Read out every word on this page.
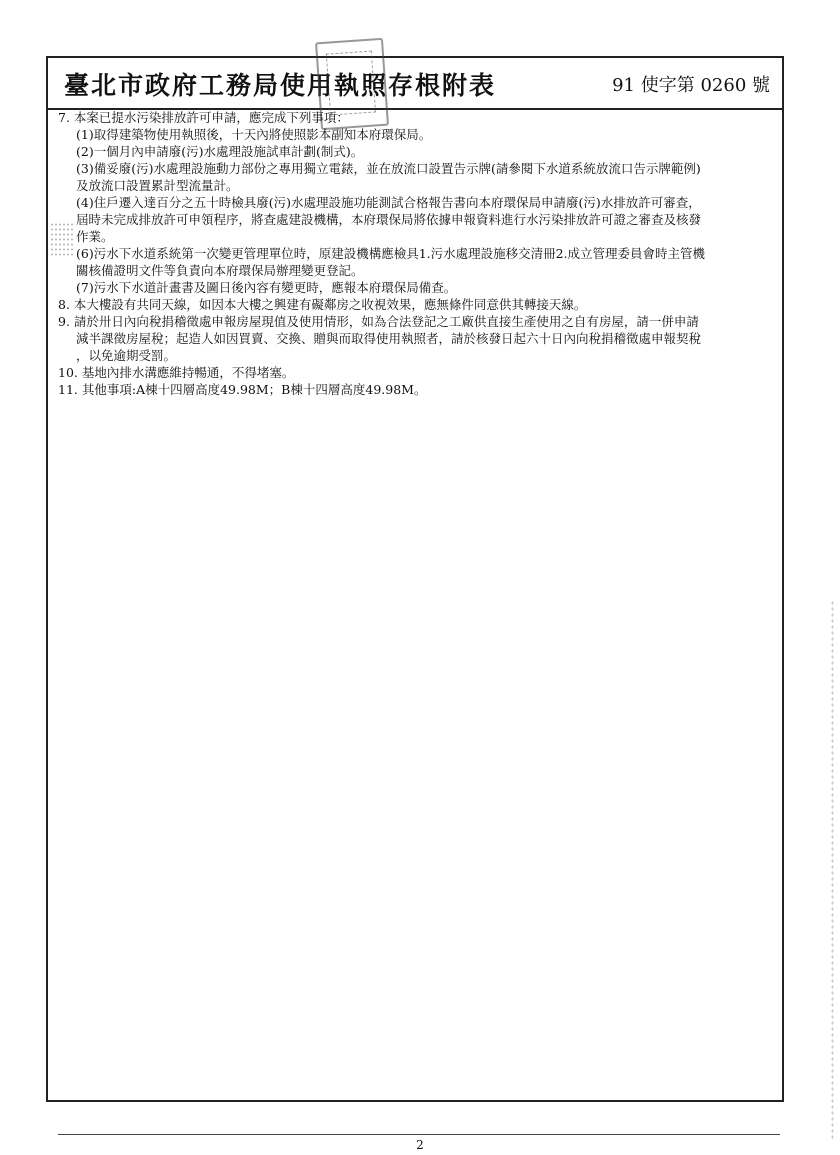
臺北市政府工務局使用執照存根附表	91 使字第 0260 號
7. 本案已提水污染排放許可申請，應完成下列事項：
(1)取得建築物使用執照後，十天內將使照影本副知本府環保局。
(2)一個月內申請廢(污)水處理設施試車計劃(制式)。
(3)備妥廢(污)水處理設施動力部份之專用獨立電錶，並在放流口設置告示牌(請參閱下水道系統放流口告示牌範例)
及放流口設置累計型流量計。
(4)住戶遷入達百分之五十時檢具廢(污)水處理設施功能測試合格報告書向本府環保局申請廢(污)水排放許可審查，
屆時未完成排放許可申領程序，將查處建設機構，本府環保局將依據申報資料進行水污染排放許可證之審查及核發
作業。
(6)污水下水道系統第一次變更管理單位時，原建設機構應檢具1.污水處理設施移交清冊2.成立管理委員會時主管機
關核備證明文件等負責向本府環保局辦理變更登記。
(7)污水下水道計畫書及圖日後內容有變更時，應報本府環保局備查。
8. 本大樓設有共同天線，如因本大樓之興建有礙鄰房之收視效果，應無條件同意供其轉接天線。
9. 請於卅日內向稅捐稽徵處申報房屋現值及使用情形，如為合法登記之工廠供直接生產使用之自有房屋，請一併申請
減半課徵房屋稅；起造人如因買賣、交換、贈與而取得使用執照者，請於核發日起六十日內向稅捐稽徵處申報契稅
，以免逾期受罰。
10. 基地內排水溝應維持暢通，不得堵塞。
11. 其他事項:A棟十四層高度49.98M；B棟十四層高度49.98M。
2
